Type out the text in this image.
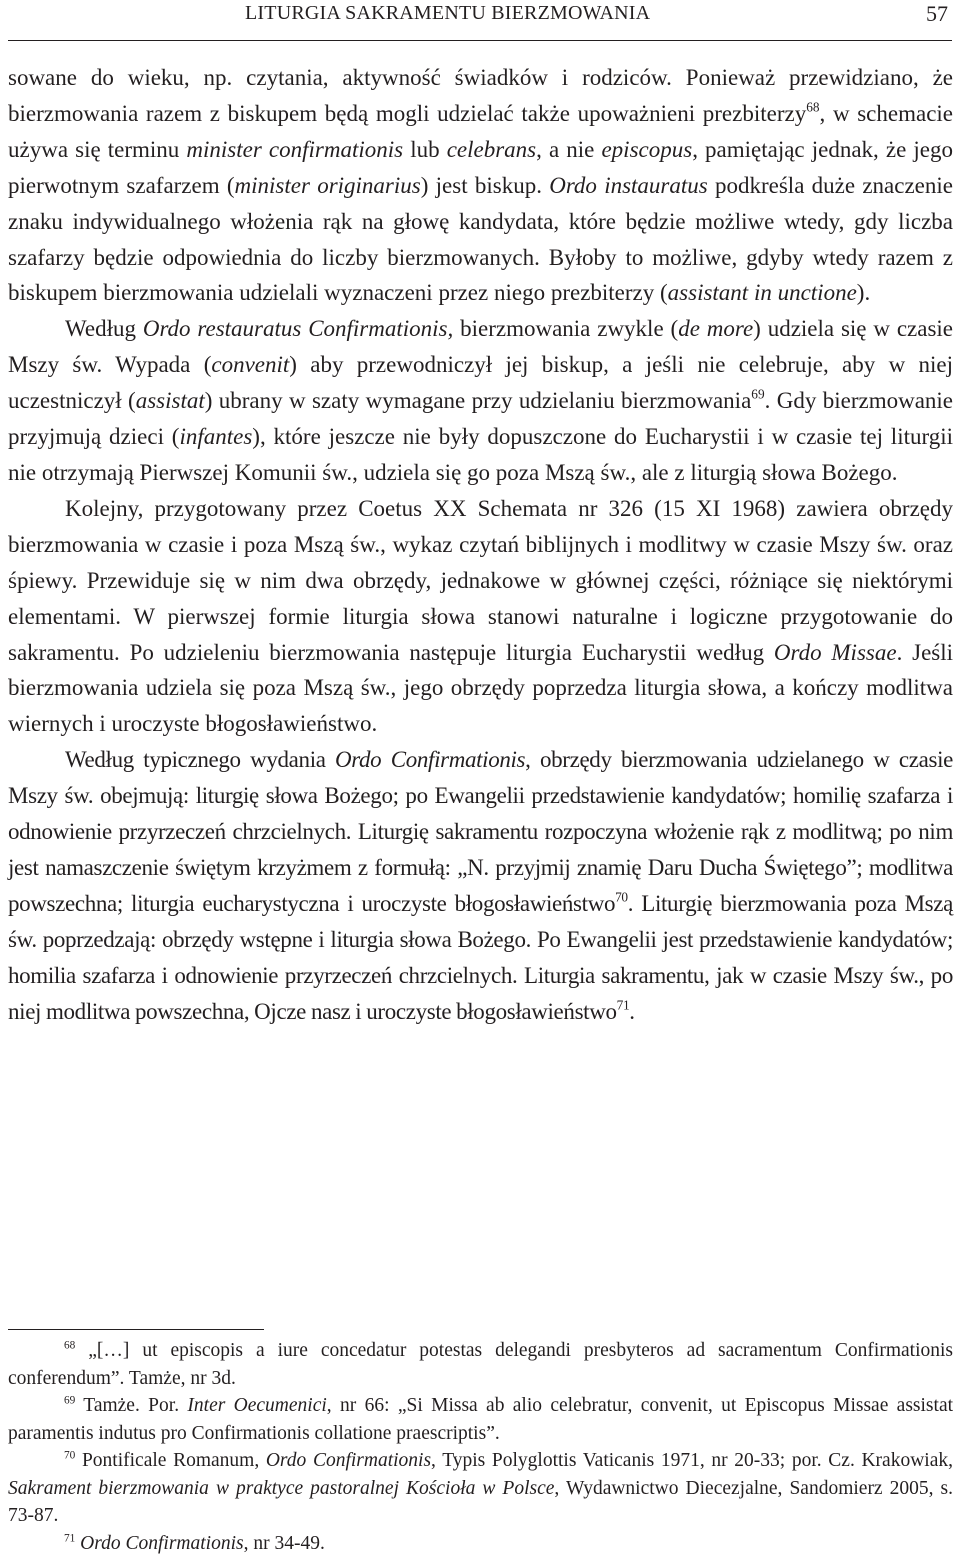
LITURGIA SAKRAMENTU BIERZMOWANIA	57

sowane do wieku, np. czytania, aktywność świadków i rodziców. Ponieważ przewidziano, że bierzmowania razem z biskupem będą mogli udzielać także upoważnieni prezbiterzy$^{68}$, w schemacie używa się terminu minister confirmationis lub celebrans, a nie episcopus, pamiętając jednak, że jego pierwotnym szafarzem (minister originarius) jest biskup. Ordo instauratus podkreśla duże znaczenie znaku indywidualnego włożenia rąk na głowę kandydata, które będzie możliwe wtedy, gdy liczba szafarzy będzie odpowiednia do liczby bierzmowanych. Byłoby to możliwe, gdyby wtedy razem z biskupem bierzmowania udzielali wyznaczeni przez niego prezbiterzy (assistant in unctione).

Według Ordo restauratus Confirmationis, bierzmowania zwykle (de more) udziela się w czasie Mszy św. Wypada (convenit) aby przewodniczył jej biskup, a jeśli nie celebruje, aby w niej uczestniczył (assistat) ubrany w szaty wymagane przy udzielaniu bierzmowania$^{69}$. Gdy bierzmowanie przyjmują dzieci (infantes), które jeszcze nie były dopuszczone do Eucharystii i w czasie tej liturgii nie otrzymają Pierwszej Komunii św., udziela się go poza Mszą św., ale z liturgią słowa Bożego.

Kolejny, przygotowany przez Coetus XX Schemata nr 326 (15 XI 1968) zawiera obrzędy bierzmowania w czasie i poza Mszą św., wykaz czytań biblijnych i modlitwy w czasie Mszy św. oraz śpiewy. Przewiduje się w nim dwa obrzędy, jednakowe w głównej części, różniące się niektórymi elementami. W pierwszej formie liturgia słowa stanowi naturalne i logiczne przygotowanie do sakramentu. Po udzieleniu bierzmowania następuje liturgia Eucharystii według Ordo Missae. Jeśli bierzmowania udziela się poza Mszą św., jego obrzędy poprzedza liturgia słowa, a kończy modlitwa wiernych i uroczyste błogosławieństwo.

Według typicznego wydania Ordo Confirmationis, obrzędy bierzmowania udzielanego w czasie Mszy św. obejmują: liturgię słowa Bożego; po Ewangelii przedstawienie kandydatów; homilię szafarza i odnowienie przyrzeczeń chrzcielnych. Liturgię sakramentu rozpoczyna włożenie rąk z modlitwą; po nim jest namaszczenie świętym krzyżmem z formułą: „N. przyjmij znamię Daru Ducha Świętego”; modlitwa powszechna; liturgia eucharystyczna i uroczyste błogosławieństwo$^{70}$. Liturgię bierzmowania poza Mszą św. poprzedzają: obrzędy wstępne i liturgia słowa Bożego. Po Ewangelii jest przedstawienie kandydatów; homilia szafarza i odnowienie przyrzeczeń chrzcielnych. Liturgia sakramentu, jak w czasie Mszy św., po niej modlitwa powszechna, Ojcze nasz i uroczyste błogosławieństwo$^{71}$.

$^{68}$ „[…] ut episcopis a iure concedatur potestas delegandi presbyteros ad sacramentum Confirmationis conferendum”. Tamże, nr 3d.

$^{69}$ Tamże. Por. Inter Oecumenici, nr 66: „Si Missa ab alio celebratur, convenit, ut Episcopus Missae assistat paramentis indutus pro Confirmationis collatione praescriptis”.

$^{70}$ Pontificale Romanum, Ordo Confirmationis, Typis Polyglottis Vaticanis 1971, nr 20-33; por. Cz. Krakowiak, Sakrament bierzmowania w praktyce pastoralnej Kościoła w Polsce, Wydawnictwo Diecezjalne, Sandomierz 2005, s. 73-87.

$^{71}$ Ordo Confirmationis, nr 34-49.
